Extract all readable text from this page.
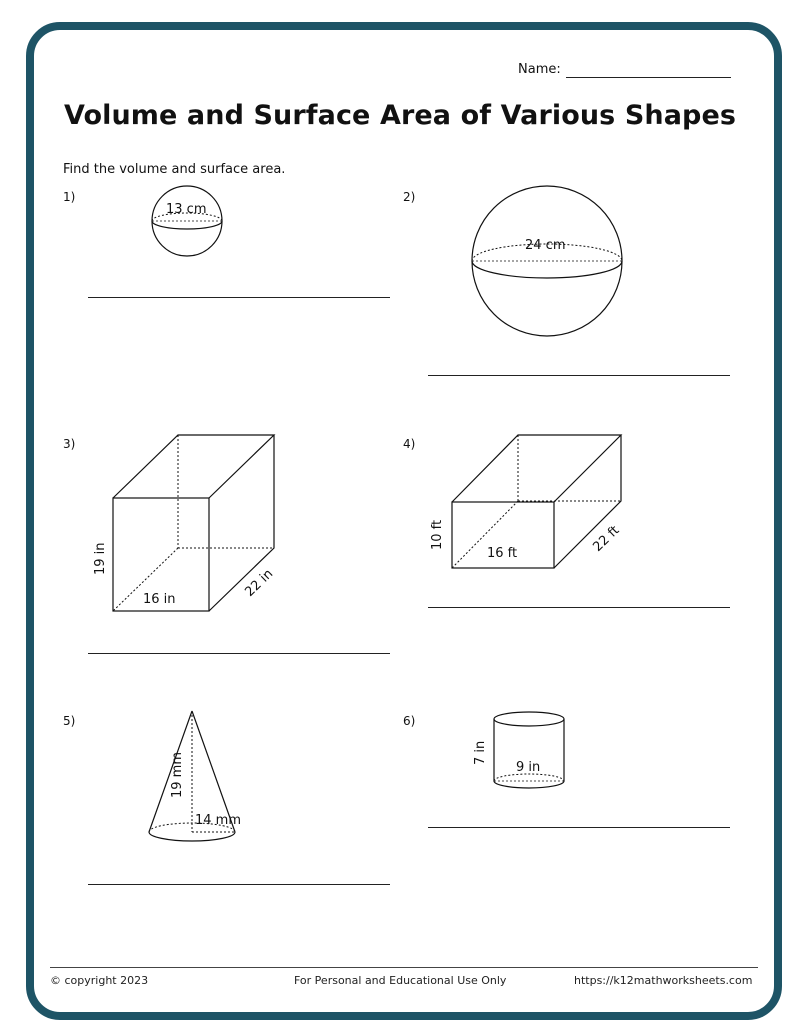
Name:
Volume and Surface Area of Various Shapes
Find the volume and surface area.
1)
13 cm
2)
24 cm
3)
19 in
16 in	22 in
4)
10 ft
16 ft	22 ft
5)
19 mm
14 mm
6)
7 in
9 in
© copyright 2023	For Personal and Educational Use Only	https://k12mathworksheets.com
